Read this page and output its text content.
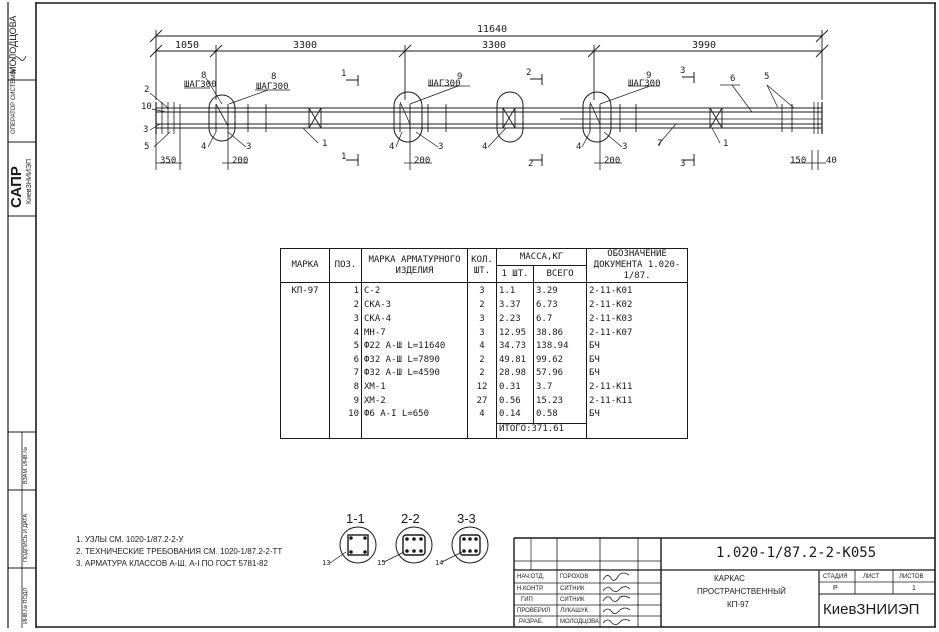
МОЛОДЦОВА
ОПЕРАТОР СИСТЕМЫ
САПР КиевЗНИИЭП
ВЗАМ. ИНВ.№
ПОДПИСЬ И ДАТА
ИНВ.№ ПОДЛ
11640
1050	3300	3300	3990
ШАГ300	ШАГ300	ШАГ300	ШАГ300
2
10
3
5
8	8
4	3	1
9
4	3	4
9
4	3	7
6	5
1
1
1
2
2
3
3
350	200	200	200	150 40
МАРКА	ПОЗ.	МАРКА АРМАТУРНОГО ИЗДЕЛИЯ	КОЛ. ШТ.	МАССА,КГ		ОБОЗНАЧЕНИЕ ДОКУМЕНТА 1.020-1/87.
				1 ШТ.	ВСЕГО	
КП-97	1	С-2	3	1.1	3.29	2-11-К01
	2	СКА-3	2	3.37	6.73	2-11-К02
	3	СКА-4	3	2.23	6.7	2-11-К03
	4	МН-7	3	12.95	38.86	2-11-К07
	5	Ф22 А-Ш L=11640	4	34.73	138.94	БЧ
	6	Ф32 А-Ш L=7890	2	49.81	99.62	БЧ
	7	Ф32 А-Ш L=4590	2	28.98	57.96	БЧ
	8	ХМ-1	12	0.31	3.7	2-11-К11
	9	ХМ-2	27	0.56	15.23	2-11-К11
	10	Ф6 А-I L=650	4	0.14	0.58	БЧ
				ИТОГО:371.61		
1. УЗЛЫ СМ. 1020-1/87.2-2-У
2. ТЕХНИЧЕСКИЕ ТРЕБОВАНИЯ СМ. 1020-1/87.2-2-ТТ
3. АРМАТУРА КЛАССОВ А-Ш, А-I ПО ГОСТ 5781-82
1-1	2-2	3-3
13	15	14
1.020-1/87.2-2-К055
КАРКАС
ПРОСТРАНСТВЕННЫЙ
КП-97
СТАДИЯ	ЛИСТ	ЛИСТОВ
Р	1
КиевЗНИИЭП
НАЧ.ОТД.	ГОРОХОВ
Н.КОНТР.	СИТНИК
ГИП	СИТНИК
ПРОВЕРИЛ ЛУКАШУК
РАЗРАБ.	МОЛОДЦОВА
